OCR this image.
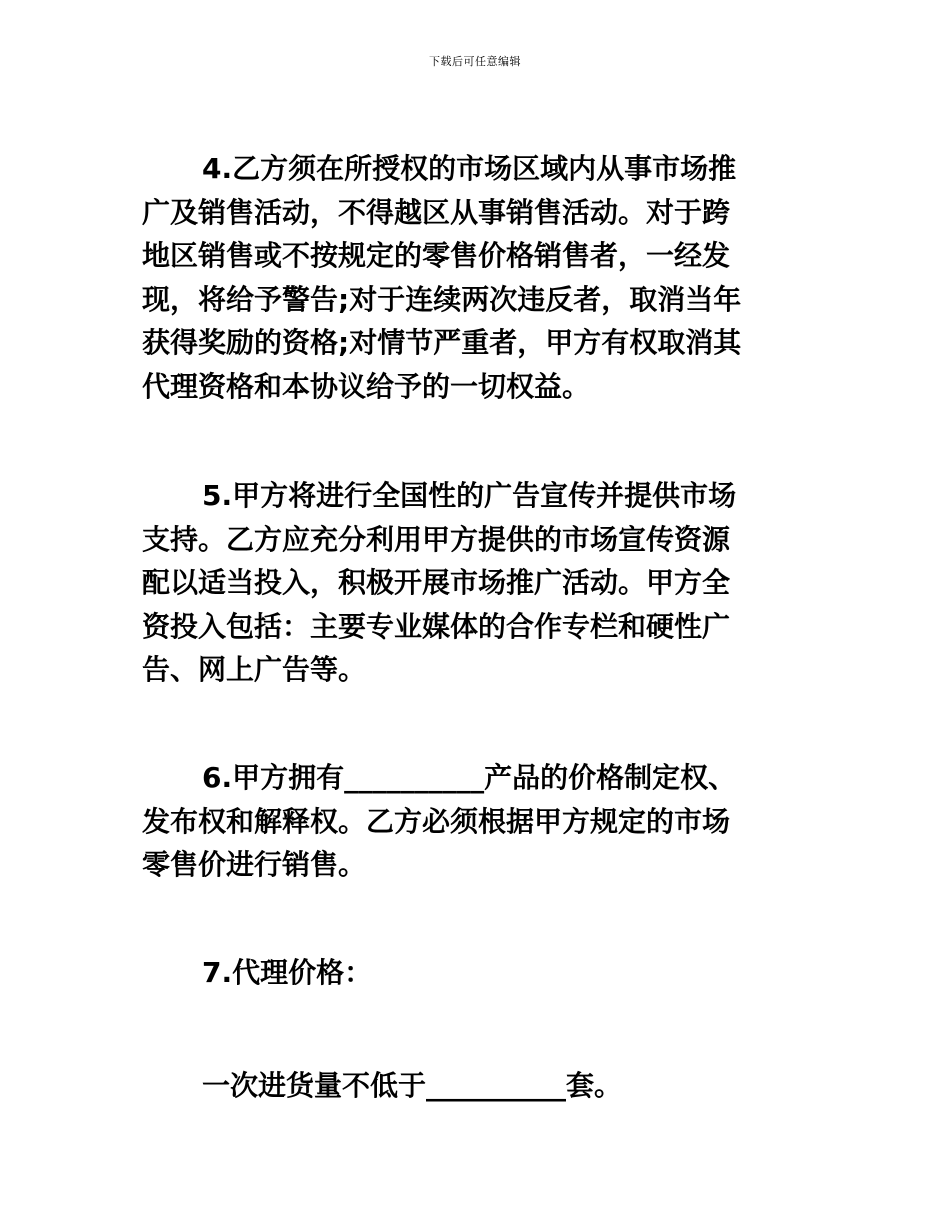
下载后可任意编辑

4.乙方须在所授权的市场区域内从事市场推
广及销售活动，不得越区从事销售活动。对于跨
地区销售或不按规定的零售价格销售者，一经发
现，将给予警告;对于连续两次违反者，取消当年
获得奖励的资格;对情节严重者，甲方有权取消其
代理资格和本协议给予的一切权益。

5.甲方将进行全国性的广告宣传并提供市场
支持。乙方应充分利用甲方提供的市场宣传资源
配以适当投入，积极开展市场推广活动。甲方全
资投入包括：主要专业媒体的合作专栏和硬性广
告、网上广告等。

6.甲方拥有__________产品的价格制定权、
发布权和解释权。乙方必须根据甲方规定的市场
零售价进行销售。

7.代理价格：

一次进货量不低于__________套。
